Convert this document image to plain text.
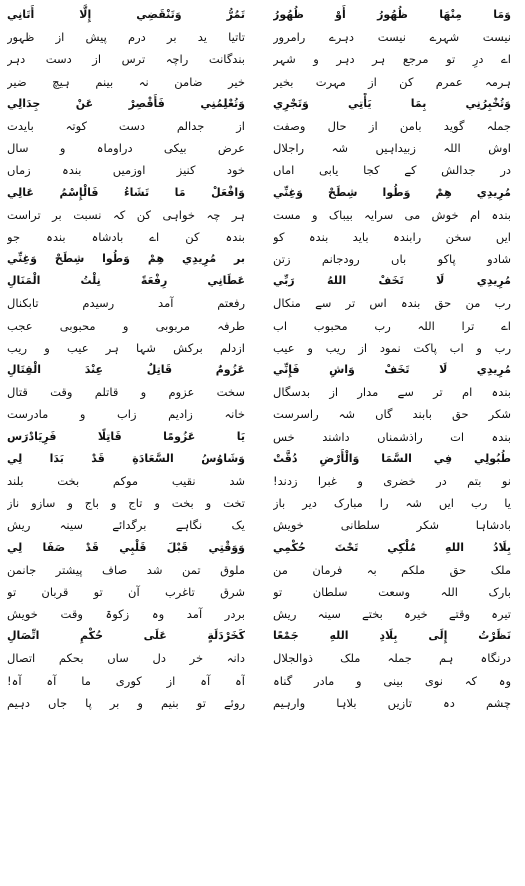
وَمَا مِنْهَا ظُهُورُ أَوْ ظُهُورُ
نیست شہرے نیست دہرے رامرور
اے درِ تو مرجع ہر دہر و شہر
ہرمہ عمرم کن از مہرت بخیر
وَتُخْبِرُنِي بِمَا يَأْتِي وَتَجْرِي
جملہ گوید بامن از حال وصفت
اوش اللہ زبیداہیں شہ راجلال
در جدالش کے کجا یابی اماں
مُرِيدِي هِمْ وَطُوا شِطَحْ وَغِنِّي
بندہ ام خوش می سرایہ بیباک و مست
ایں سخن رابندہ باید بندہ کو
شادو پاکو باں رودجانم زتن
مُرِيدِي لَا تَخَفْ اللهُ رَبِّي
رب من حق بندہ اس تر سے منکال
اے ترا اللہ رب محبوب اب
رب و اب پاکت نمود از ریب و عیب
مُرِيدِي لَا تَخَفْ وَاشِ فَإِنِّي
بندہ ام تر سے مدار از بدسگال
شکر حق بابند گاں شہ راسرست
بندہ ات راذشمناں داشند خس
طُبُولِي فِي السَّمَا وَالْأَرْضِ دُقَّتْ
نو بتم در خضری و غبرا زدند!
یا رب ایں شہ را مبارک دیر باز
بادشاہا شکر سلطانی خویش
بِلَادُ اللهِ مُلْكِي تَحْتَ حُكْمِي
ملک حق ملکم بہ فرمان من
بارک اللہ وسعت سلطان تو
تیرہ وقتے خیرہ بختے سینہ ریش
نَظَرْتُ إِلَى بِلَادِ اللهِ جَمْعًا
درنگاہ ہم جملہ ملک ذوالجلال
وہ کہ نوی بینی و مادر گناہ
چشم دہ تازیں بلاہا وارہیم
تَمُرُّ وَتَنْقَضِي إِلَّا أَتَانِي
تاتیا ید بر درم پیش از ظہور
بندگانت راچہ ترس از دست دہر
خیر ضامن نہ بینم ہیچ ضیر
وَتُعْلِمُنِي فَأَقْصِرْ عَنْ جِدَالِي
از جدالم دست کوتہ بایدت
عرض بیکی دراوماہ و سال
خود کنیز اوزمیں بندہ زماں
وَافْعَلْ مَا تَشَاءُ فَالْإِسْمُ عَالِي
ہر چہ خواہی کن کہ نسبت بر تراست
بندہ کن اے بادشاہ بندہ جو
بر مُرِيدِي هِمْ وَطُوا شِطَحْ وَغِنِّي
عَطَانِي رِفْعَةً نِلْتُ الْمَنَالِ
رفعتم آمد رسیدم تابکنال
طرفہ مربوبی و محبوبی عجب
ازدلم برکش شہا ہر عیب و ریب
عَزُومٌ قَاتِلٌ عِنْدَ الْقِتَالِ
سخت عزوم و قاتلم وقت قتال
خانہ زادیم زاب و مادرست
يَا عَزُومًا قَاتِلًا فَرِيَادْرَس
وَشَاوُسُ السَّعَادَةِ قَدْ بَدَا لِي
شد نقیب موکم بخت بلند
تخت و بخت و تاج و باج و سازو ناز
یک نگاہے برگدائے سینہ ریش
وَوَقْتِي قَبْلَ قَلْبِي قَدْ صَفَا لِي
ملوق تمن شد صاف پیشتر جانمن
شرق تاغرب آن تو قربان تو
بردر آمد وہ زکوۃ وقت خویش
كَخَرْدَلَةٍ عَلَى حُكْمِ اتِّصَالِ
دانہ خر دل ساں بحکم اتصال
آہ آہ از کوری ما آہ آہ!
روئے تو بنیم و بر پا جاں دہیم
